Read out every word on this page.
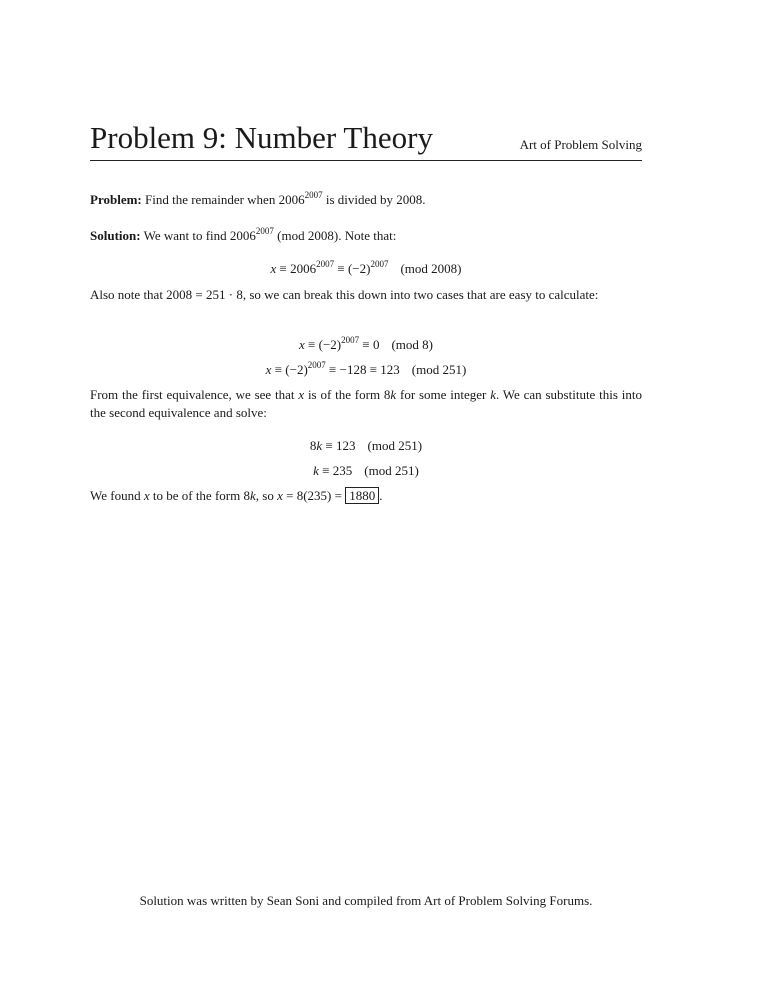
Problem 9: Number Theory	Art of Problem Solving
Problem: Find the remainder when $2006^{2007}$ is divided by 2008.
Solution: We want to find $2006^{2007}$ (mod 2008). Note that:
$x \equiv 2006^{2007} \equiv (-2)^{2007}$ (mod 2008)
Also note that 2008 = 251 · 8, so we can break this down into two cases that are easy to calculate:
$x \equiv (-2)^{2007} \equiv 0$ (mod 8)
$x \equiv (-2)^{2007} \equiv -128 \equiv 123$ (mod 251)
From the first equivalence, we see that x is of the form 8k for some integer k. We can substitute this into the second equivalence and solve:
8k ≡ 123 (mod 251)
k ≡ 235 (mod 251)
We found x to be of the form 8k, so x = 8(235) = 1880 .
Solution was written by Sean Soni and compiled from Art of Problem Solving Forums.
